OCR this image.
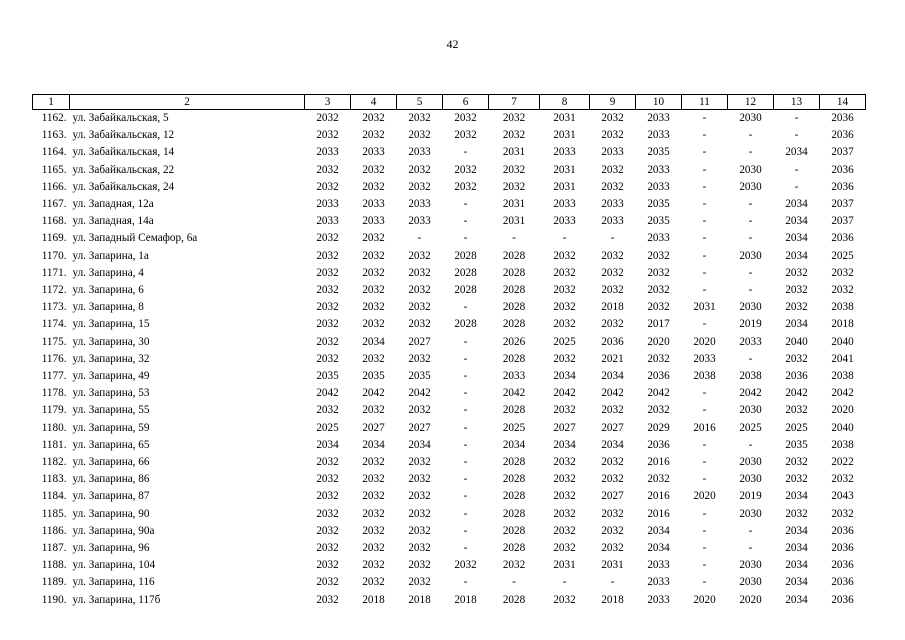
42
1	2	3	4	5	6	7	8	9	10	11	12	13	14
1162.	ул. Забайкальская, 5	2032	2032	2032	2032	2032	2031	2032	2033	-	2030	-	2036
1163.	ул. Забайкальская, 12	2032	2032	2032	2032	2032	2031	2032	2033	-	-	-	2036
1164.	ул. Забайкальская, 14	2033	2033	2033	-	2031	2033	2033	2035	-	-	2034	2037
1165.	ул. Забайкальская, 22	2032	2032	2032	2032	2032	2031	2032	2033	-	2030	-	2036
1166.	ул. Забайкальская, 24	2032	2032	2032	2032	2032	2031	2032	2033	-	2030	-	2036
1167.	ул. Западная, 12а	2033	2033	2033	-	2031	2033	2033	2035	-	-	2034	2037
1168.	ул. Западная, 14а	2033	2033	2033	-	2031	2033	2033	2035	-	-	2034	2037
1169.	ул. Западный Семафор, 6а	2032	2032	-	-	-	-	-	2033	-	-	2034	2036
1170.	ул. Запарина, 1а	2032	2032	2032	2028	2028	2032	2032	2032	-	2030	2034	2025
1171.	ул. Запарина, 4	2032	2032	2032	2028	2028	2032	2032	2032	-	-	2032	2032
1172.	ул. Запарина, 6	2032	2032	2032	2028	2028	2032	2032	2032	-	-	2032	2032
1173.	ул. Запарина, 8	2032	2032	2032	-	2028	2032	2018	2032	2031	2030	2032	2038
1174.	ул. Запарина, 15	2032	2032	2032	2028	2028	2032	2032	2017	-	2019	2034	2018
1175.	ул. Запарина, 30	2032	2034	2027	-	2026	2025	2036	2020	2020	2033	2040	2040
1176.	ул. Запарина, 32	2032	2032	2032	-	2028	2032	2021	2032	2033	-	2032	2041
1177.	ул. Запарина, 49	2035	2035	2035	-	2033	2034	2034	2036	2038	2038	2036	2038
1178.	ул. Запарина, 53	2042	2042	2042	-	2042	2042	2042	2042	-	2042	2042	2042
1179.	ул. Запарина, 55	2032	2032	2032	-	2028	2032	2032	2032	-	2030	2032	2020
1180.	ул. Запарина, 59	2025	2027	2027	-	2025	2027	2027	2029	2016	2025	2025	2040
1181.	ул. Запарина, 65	2034	2034	2034	-	2034	2034	2034	2036	-	-	2035	2038
1182.	ул. Запарина, 66	2032	2032	2032	-	2028	2032	2032	2016	-	2030	2032	2022
1183.	ул. Запарина, 86	2032	2032	2032	-	2028	2032	2032	2032	-	2030	2032	2032
1184.	ул. Запарина, 87	2032	2032	2032	-	2028	2032	2027	2016	2020	2019	2034	2043
1185.	ул. Запарина, 90	2032	2032	2032	-	2028	2032	2032	2016	-	2030	2032	2032
1186.	ул. Запарина, 90а	2032	2032	2032	-	2028	2032	2032	2034	-	-	2034	2036
1187.	ул. Запарина, 96	2032	2032	2032	-	2028	2032	2032	2034	-	-	2034	2036
1188.	ул. Запарина, 104	2032	2032	2032	2032	2032	2031	2031	2033	-	2030	2034	2036
1189.	ул. Запарина, 116	2032	2032	2032	-	-	-	-	2033	-	2030	2034	2036
1190.	ул. Запарина, 117б	2032	2018	2018	2018	2028	2032	2018	2033	2020	2020	2034	2036
